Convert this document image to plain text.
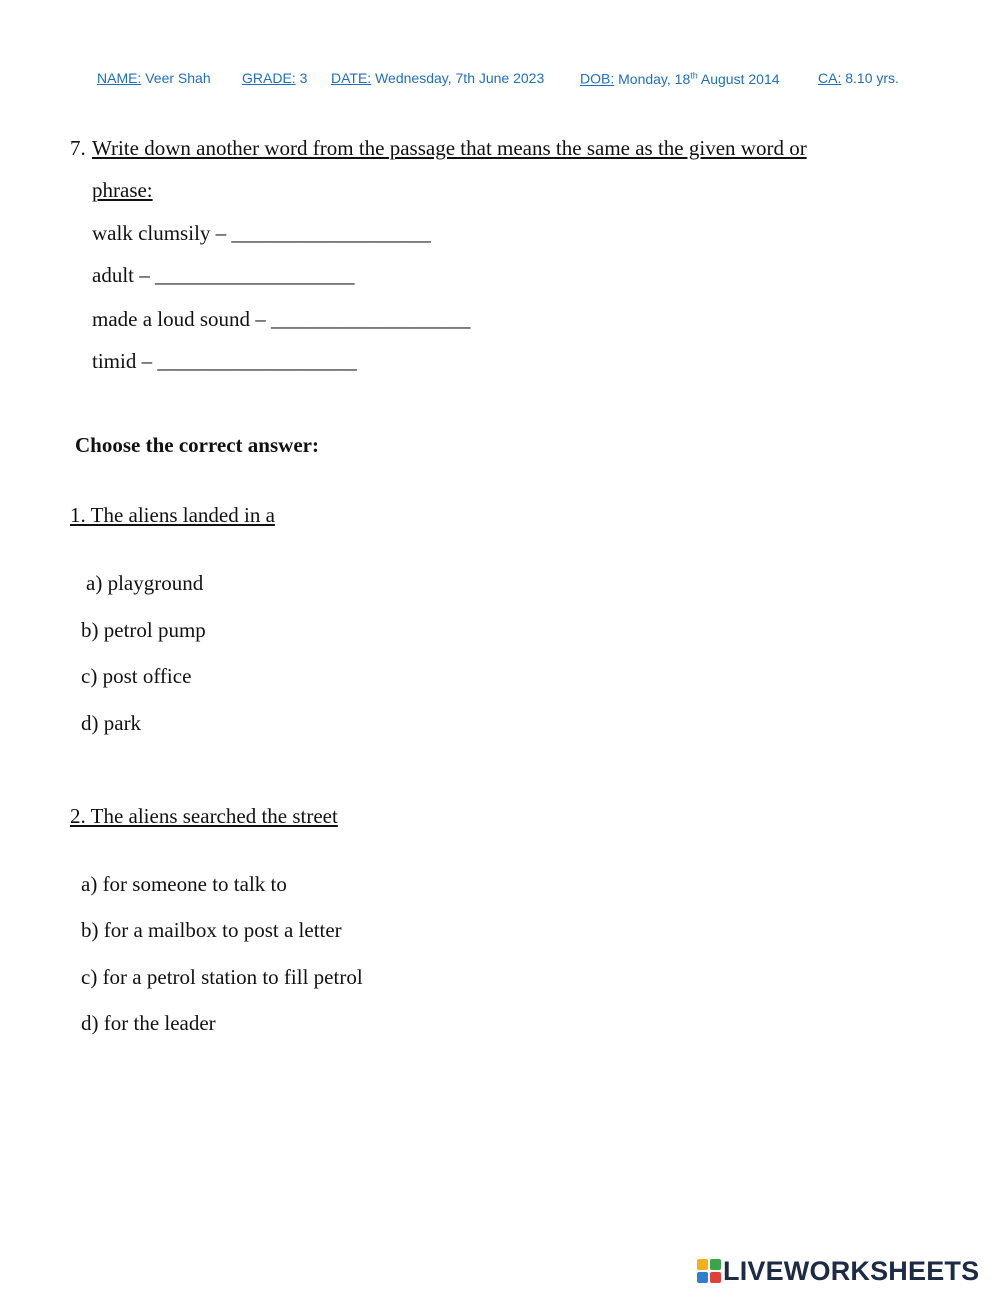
NAME: Veer Shah GRADE: 3 DATE: Wednesday, 7th June 2023	DOB: Monday, 18th August 2014	CA: 8.10 yrs.
7. Write down another word from the passage that means the same as the given word or
phrase:
walk clumsily – ___________________
adult – ___________________
made a loud sound – ___________________
timid – ___________________
Choose the correct answer:
1. The aliens landed in a
a) playground
b) petrol pump
c) post office
d) park
2. The aliens searched the street
a) for someone to talk to
b) for a mailbox to post a letter
c) for a petrol station to fill petrol
d) for the leader
LIVEWORKSHEETS
